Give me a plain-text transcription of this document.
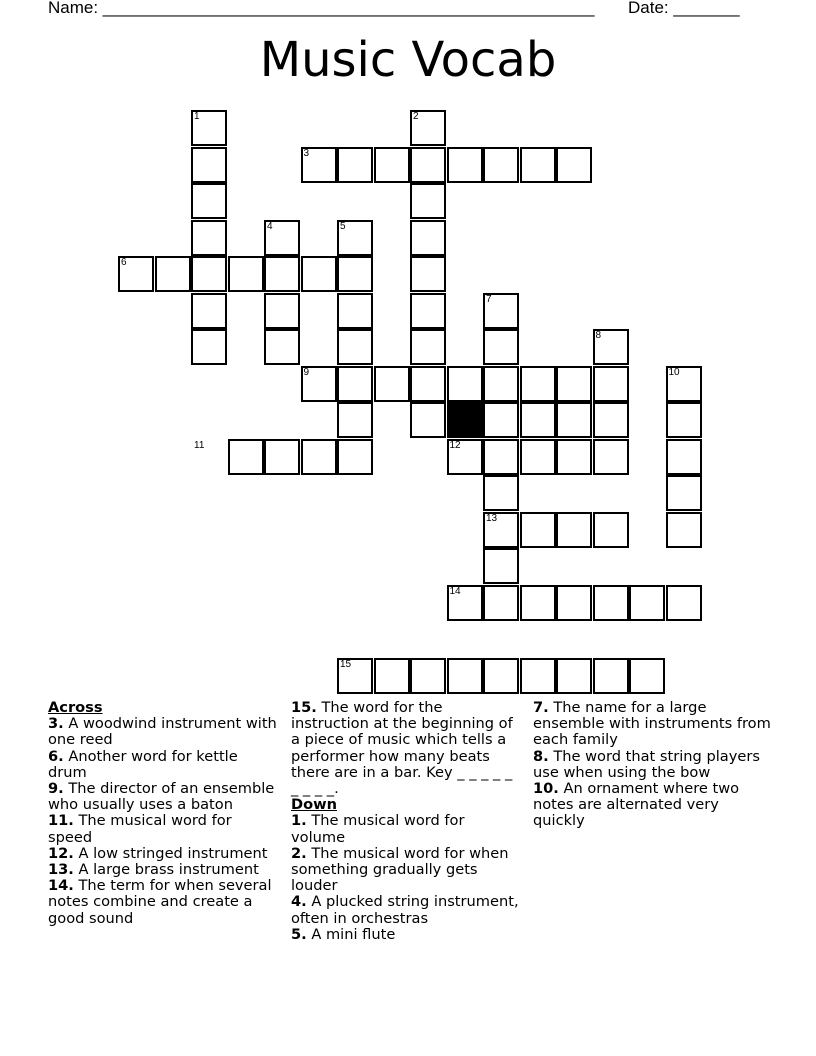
Name: ____________________________________________________ Date: _______
Music Vocab
1	2
3
4	5
6
7
8
9	10
11	12
13
14
15
Across
3. A woodwind instrument with one reed
6. Another word for kettle drum
9. The director of an ensemble who usually uses a baton
11. The musical word for speed
12. A low stringed instrument
13. A large brass instrument
14. The term for when several notes combine and create a good sound
15. The word for the instruction at the beginning of a piece of music which tells a performer how many beats there are in a bar. Key _ _ _ _ _ _ _ _ _.
Down
1. The musical word for volume
2. The musical word for when something gradually gets louder
4. A plucked string instrument, often in orchestras
5. A mini flute
7. The name for a large ensemble with instruments from each family
8. The word that string players use when using the bow
10. An ornament where two notes are alternated very quickly
